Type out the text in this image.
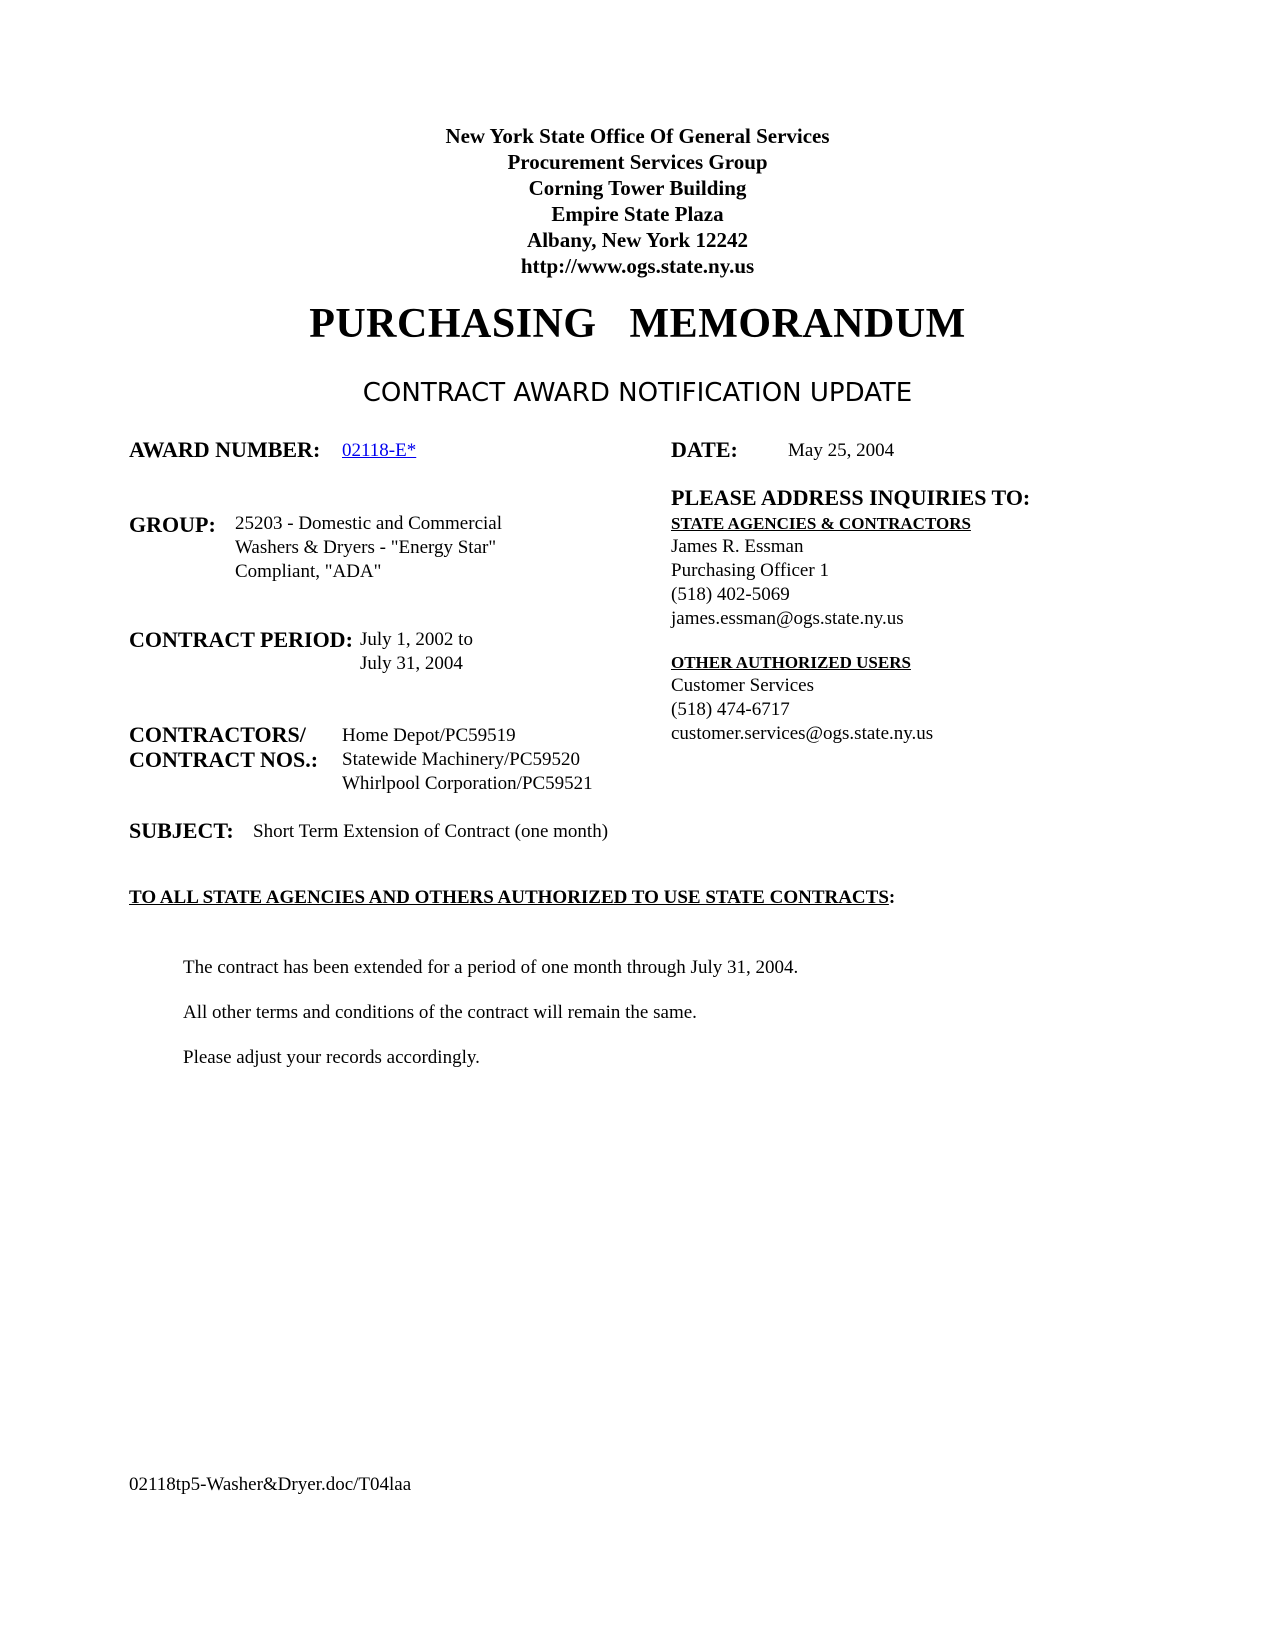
New York State Office Of General Services
Procurement Services Group
Corning Tower Building
Empire State Plaza
Albany, New York 12242
http://www.ogs.state.ny.us
PURCHASING   MEMORANDUM
CONTRACT AWARD NOTIFICATION UPDATE
AWARD NUMBER: 02118-E*	DATE:	May 25, 2004
PLEASE ADDRESS INQUIRIES TO:
STATE AGENCIES & CONTRACTORS
James R. Essman
Purchasing Officer 1
(518) 402-5069
james.essman@ogs.state.ny.us
OTHER AUTHORIZED USERS
Customer Services
(518) 474-6717
customer.services@ogs.state.ny.us
GROUP: 25203 - Domestic and Commercial
Washers & Dryers - "Energy Star"
Compliant, "ADA"
CONTRACT PERIOD: July 1, 2002 to
July 31, 2004
CONTRACTORS/
CONTRACT NOS.:
Home Depot/PC59519
Statewide Machinery/PC59520
Whirlpool Corporation/PC59521
SUBJECT: Short Term Extension of Contract (one month)
TO ALL STATE AGENCIES AND OTHERS AUTHORIZED TO USE STATE CONTRACTS:
The contract has been extended for a period of one month through July 31, 2004.
All other terms and conditions of the contract will remain the same.
Please adjust your records accordingly.
02118tp5-Washer&Dryer.doc/T04laa
